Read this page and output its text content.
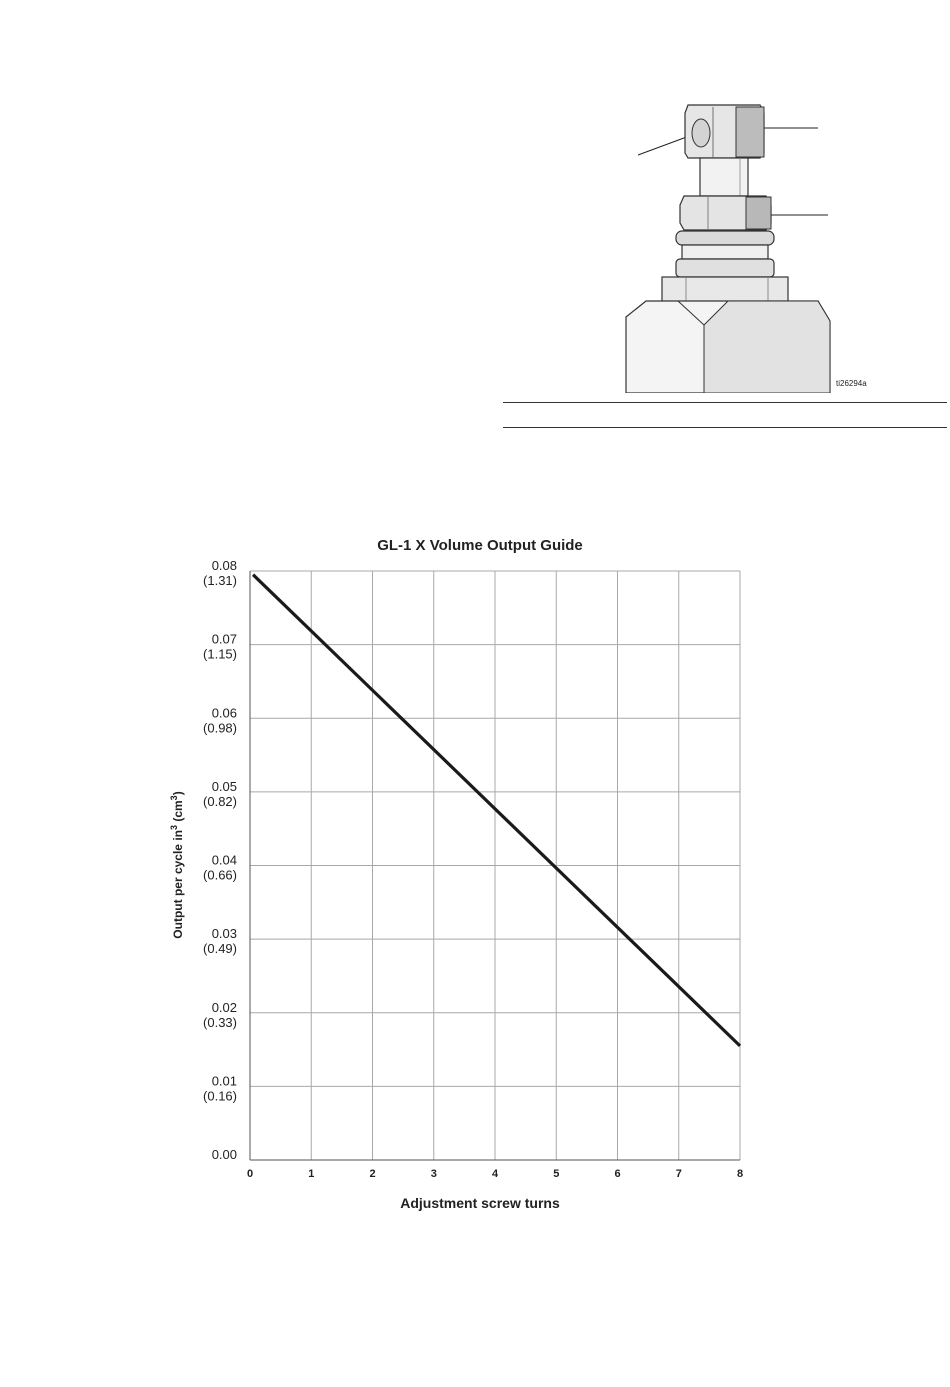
ti26294a
GL-1 X Volume Output Guide
0.00
0.01
(0.16)
0.02
(0.33)
0.03
(0.49)
0.04
(0.66)
0.05
(0.82)
0.06
(0.98)
0.07
(1.15)
0.08
(1.31)
0	1	2	3	4	5	6	7	8
Adjustment screw turns
Output per cycle $in^3$ $(cm^3)$
